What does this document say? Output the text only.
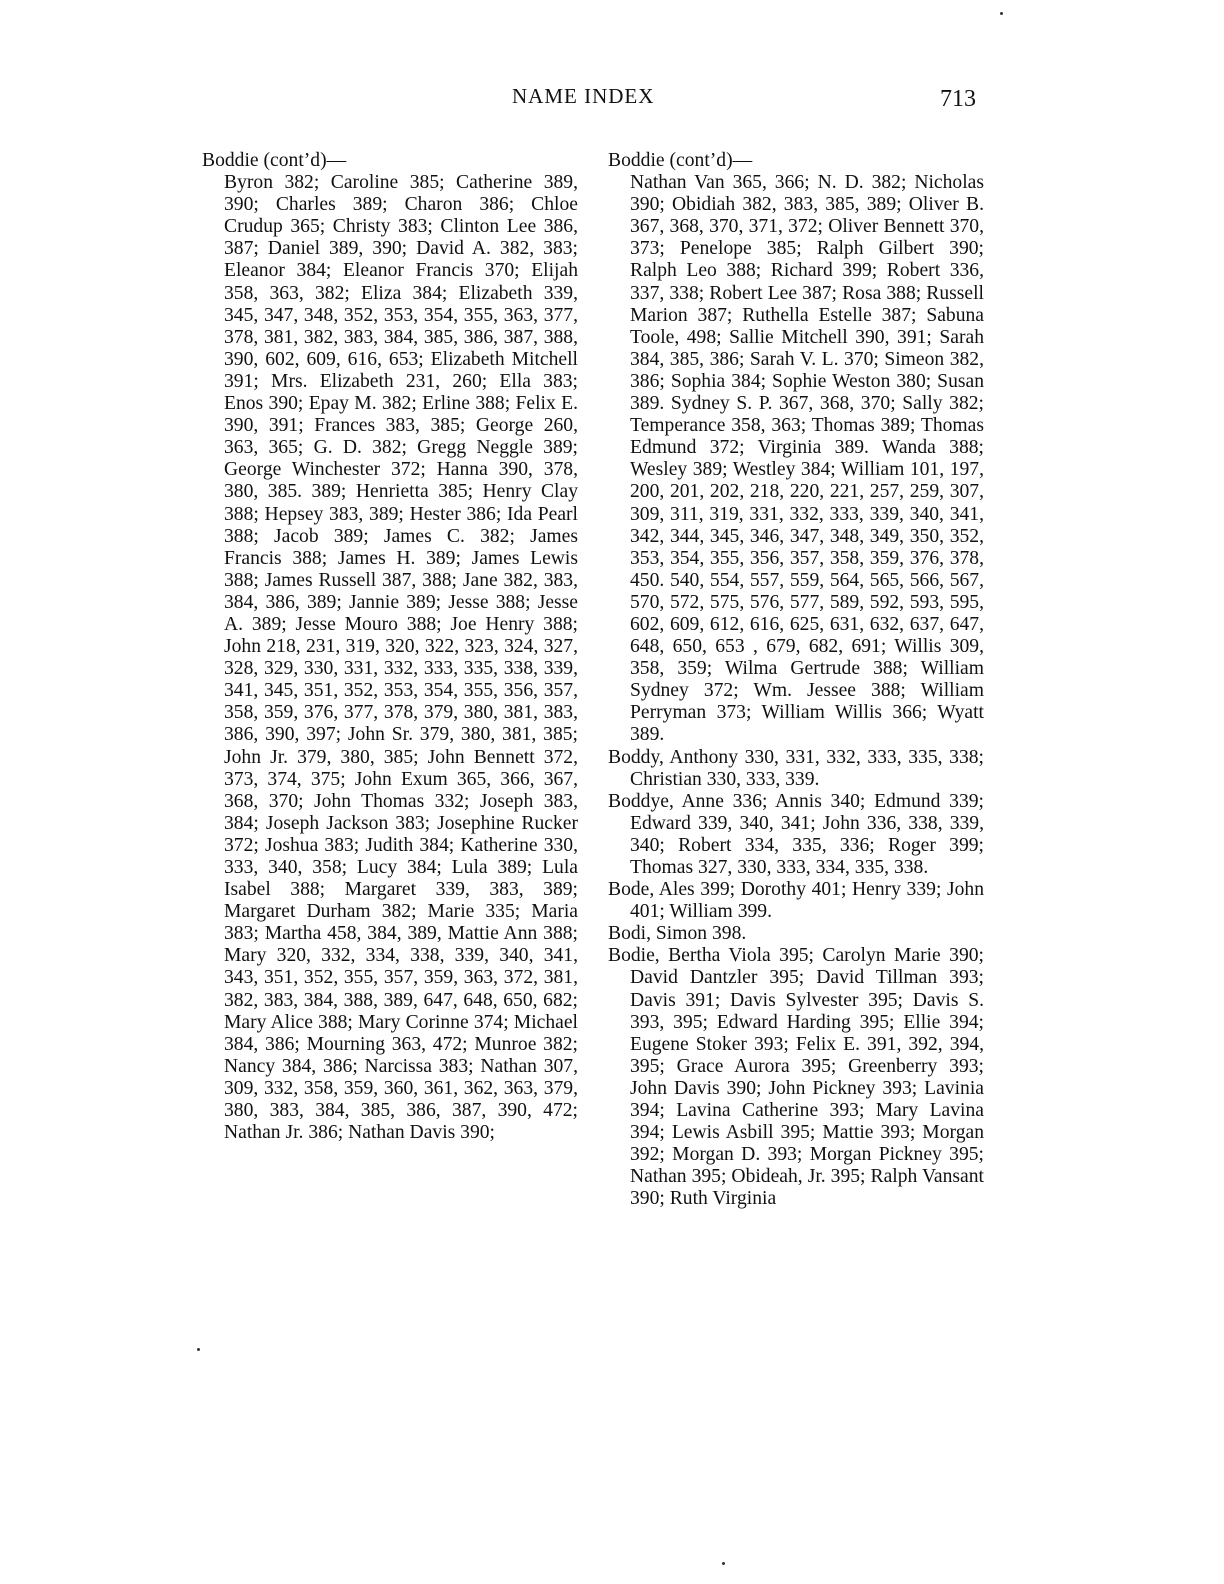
NAME INDEX	713

Boddie (cont’d)—

Byron 382; Caroline 385; Catherine 389, 390; Charles 389; Charon 386; Chloe Crudup 365; Christy 383; Clinton Lee 386, 387; Daniel 389, 390; David A. 382, 383; Eleanor 384; Eleanor Francis 370; Elijah 358, 363, 382; Eliza 384; Elizabeth 339, 345, 347, 348, 352, 353, 354, 355, 363, 377, 378, 381, 382, 383, 384, 385, 386, 387, 388, 390, 602, 609, 616, 653; Elizabeth Mitchell 391; Mrs. Elizabeth 231, 260; Ella 383; Enos 390; Epay M. 382; Erline 388; Felix E. 390, 391; Frances 383, 385; George 260, 363, 365; G. D. 382; Gregg Neggle 389; George Winchester 372; Hanna 390, 378, 380, 385. 389; Henrietta 385; Henry Clay 388; Hepsey 383, 389; Hester 386; Ida Pearl 388; Jacob 389; James C. 382; James Francis 388; James H. 389; James Lewis 388; James Russell 387, 388; Jane 382, 383, 384, 386, 389; Jannie 389; Jesse 388; Jesse A. 389; Jesse Mouro 388; Joe Henry 388; John 218, 231, 319, 320, 322, 323, 324, 327, 328, 329, 330, 331, 332, 333, 335, 338, 339, 341, 345, 351, 352, 353, 354, 355, 356, 357, 358, 359, 376, 377, 378, 379, 380, 381, 383, 386, 390, 397; John Sr. 379, 380, 381, 385; John Jr. 379, 380, 385; John Bennett 372, 373, 374, 375; John Exum 365, 366, 367, 368, 370; John Thomas 332; Joseph 383, 384; Joseph Jackson 383; Josephine Rucker 372; Joshua 383; Judith 384; Katherine 330, 333, 340, 358; Lucy 384; Lula 389; Lula Isabel 388; Margaret 339, 383, 389; Margaret Durham 382; Marie 335; Maria 383; Martha 458, 384, 389, Mattie Ann 388; Mary 320, 332, 334, 338, 339, 340, 341, 343, 351, 352, 355, 357, 359, 363, 372, 381, 382, 383, 384, 388, 389, 647, 648, 650, 682; Mary Alice 388; Mary Corinne 374; Michael 384, 386; Mourning 363, 472; Munroe 382; Nancy 384, 386; Narcissa 383; Nathan 307, 309, 332, 358, 359, 360, 361, 362, 363, 379, 380, 383, 384, 385, 386, 387, 390, 472; Nathan Jr. 386; Nathan Davis 390;

Boddie (cont’d)—

Nathan Van 365, 366; N. D. 382; Nicholas 390; Obidiah 382, 383, 385, 389; Oliver B. 367, 368, 370, 371, 372; Oliver Bennett 370, 373; Penelope 385; Ralph Gilbert 390; Ralph Leo 388; Richard 399; Robert 336, 337, 338; Robert Lee 387; Rosa 388; Russell Marion 387; Ruthella Estelle 387; Sabuna Toole, 498; Sallie Mitchell 390, 391; Sarah 384, 385, 386; Sarah V. L. 370; Simeon 382, 386; Sophia 384; Sophie Weston 380; Susan 389. Sydney S. P. 367, 368, 370; Sally 382; Temperance 358, 363; Thomas 389; Thomas Edmund 372; Virginia 389. Wanda 388; Wesley 389; Westley 384; William 101, 197, 200, 201, 202, 218, 220, 221, 257, 259, 307, 309, 311, 319, 331, 332, 333, 339, 340, 341, 342, 344, 345, 346, 347, 348, 349, 350, 352, 353, 354, 355, 356, 357, 358, 359, 376, 378, 450. 540, 554, 557, 559, 564, 565, 566, 567, 570, 572, 575, 576, 577, 589, 592, 593, 595, 602, 609, 612, 616, 625, 631, 632, 637, 647, 648, 650, 653 , 679, 682, 691; Willis 309, 358, 359; Wilma Gertrude 388; William Sydney 372; Wm. Jessee 388; William Perryman 373; William Willis 366; Wyatt 389.

Boddy, Anthony 330, 331, 332, 333, 335, 338; Christian 330, 333, 339.

Boddye, Anne 336; Annis 340; Edmund 339; Edward 339, 340, 341; John 336, 338, 339, 340; Robert 334, 335, 336; Roger 399; Thomas 327, 330, 333, 334, 335, 338.

Bode, Ales 399; Dorothy 401; Henry 339; John 401; William 399.

Bodi, Simon 398.

Bodie, Bertha Viola 395; Carolyn Marie 390; David Dantzler 395; David Tillman 393; Davis 391; Davis Sylvester 395; Davis S. 393, 395; Edward Harding 395; Ellie 394; Eugene Stoker 393; Felix E. 391, 392, 394, 395; Grace Aurora 395; Greenberry 393; John Davis 390; John Pickney 393; Lavinia 394; Lavina Catherine 393; Mary Lavina 394; Lewis Asbill 395; Mattie 393; Morgan 392; Morgan D. 393; Morgan Pickney 395; Nathan 395; Obideah, Jr. 395; Ralph Vansant 390; Ruth Virginia
